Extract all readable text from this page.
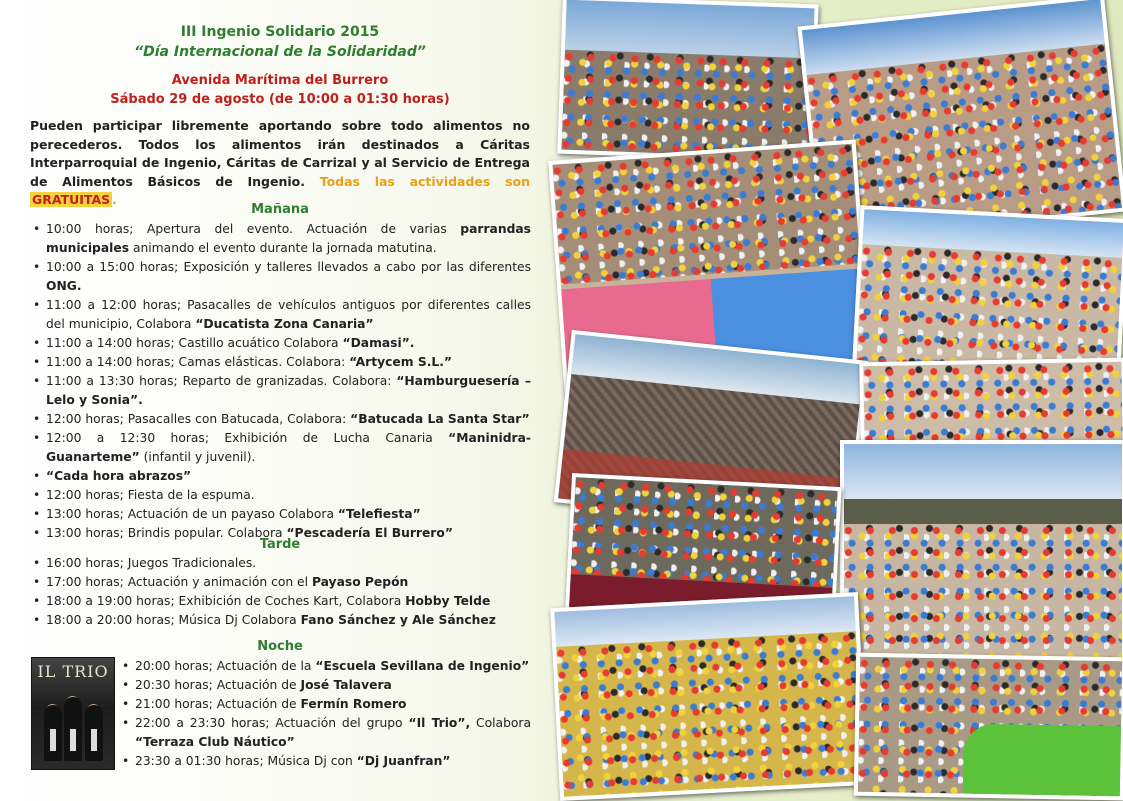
III Ingenio Solidario 2015
“Día Internacional de la Solidaridad”
Avenida Marítima del Burrero
Sábado 29 de agosto (de 10:00 a 01:30 horas)
Pueden participar libremente aportando sobre todo alimentos no perecederos. Todos los alimentos irán destinados a Cáritas Interparroquial de Ingenio, Cáritas de Carrizal y al Servicio de Entrega de Alimentos Básicos de Ingenio. Todas las actividades son GRATUITAS .
Mañana
• 10:00 horas; Apertura del evento. Actuación de varias parrandas municipales animando el evento durante la jornada matutina.
• 10:00 a 15:00 horas; Exposición y talleres llevados a cabo por las diferentes ONG.
• 11:00 a 12:00 horas; Pasacalles de vehículos antiguos por diferentes calles del municipio, Colabora “Ducatista Zona Canaria”
• 11:00 a 14:00 horas; Castillo acuático Colabora “Damasi”.
• 11:00 a 14:00 horas; Camas elásticas. Colabora: “Artycem S.L.”
• 11:00 a 13:30 horas; Reparto de granizadas. Colabora: “Hamburguesería – Lelo y Sonia”.
• 12:00 horas; Pasacalles con Batucada, Colabora: “Batucada La Santa Star”
• 12:00 a 12:30 horas; Exhibición de Lucha Canaria “Maninidra- Guanarteme” (infantil y juvenil).
• “Cada hora abrazos”
• 12:00 horas; Fiesta de la espuma.
• 13:00 horas; Actuación de un payaso Colabora “Telefiesta”
• 13:00 horas; Brindis popular. Colabora “Pescadería El Burrero”
Tarde
• 16:00 horas; Juegos Tradicionales.
• 17:00 horas; Actuación y animación con el Payaso Pepón
• 18:00 a 19:00 horas; Exhibición de Coches Kart, Colabora Hobby Telde
• 18:00 a 20:00 horas; Música Dj Colabora Fano Sánchez y Ale Sánchez
Noche
IL TRIO
•	20:00 horas; Actuación de la “Escuela Sevillana de Ingenio”
• 20:30 horas; Actuación de José Talavera
• 21:00 horas; Actuación de Fermín Romero
• 22:00 a 23:30 horas; Actuación del grupo “Il Trio”, Colabora “Terraza Club Náutico”
• 23:30 a 01:30 horas; Música Dj con “Dj Juanfran”
